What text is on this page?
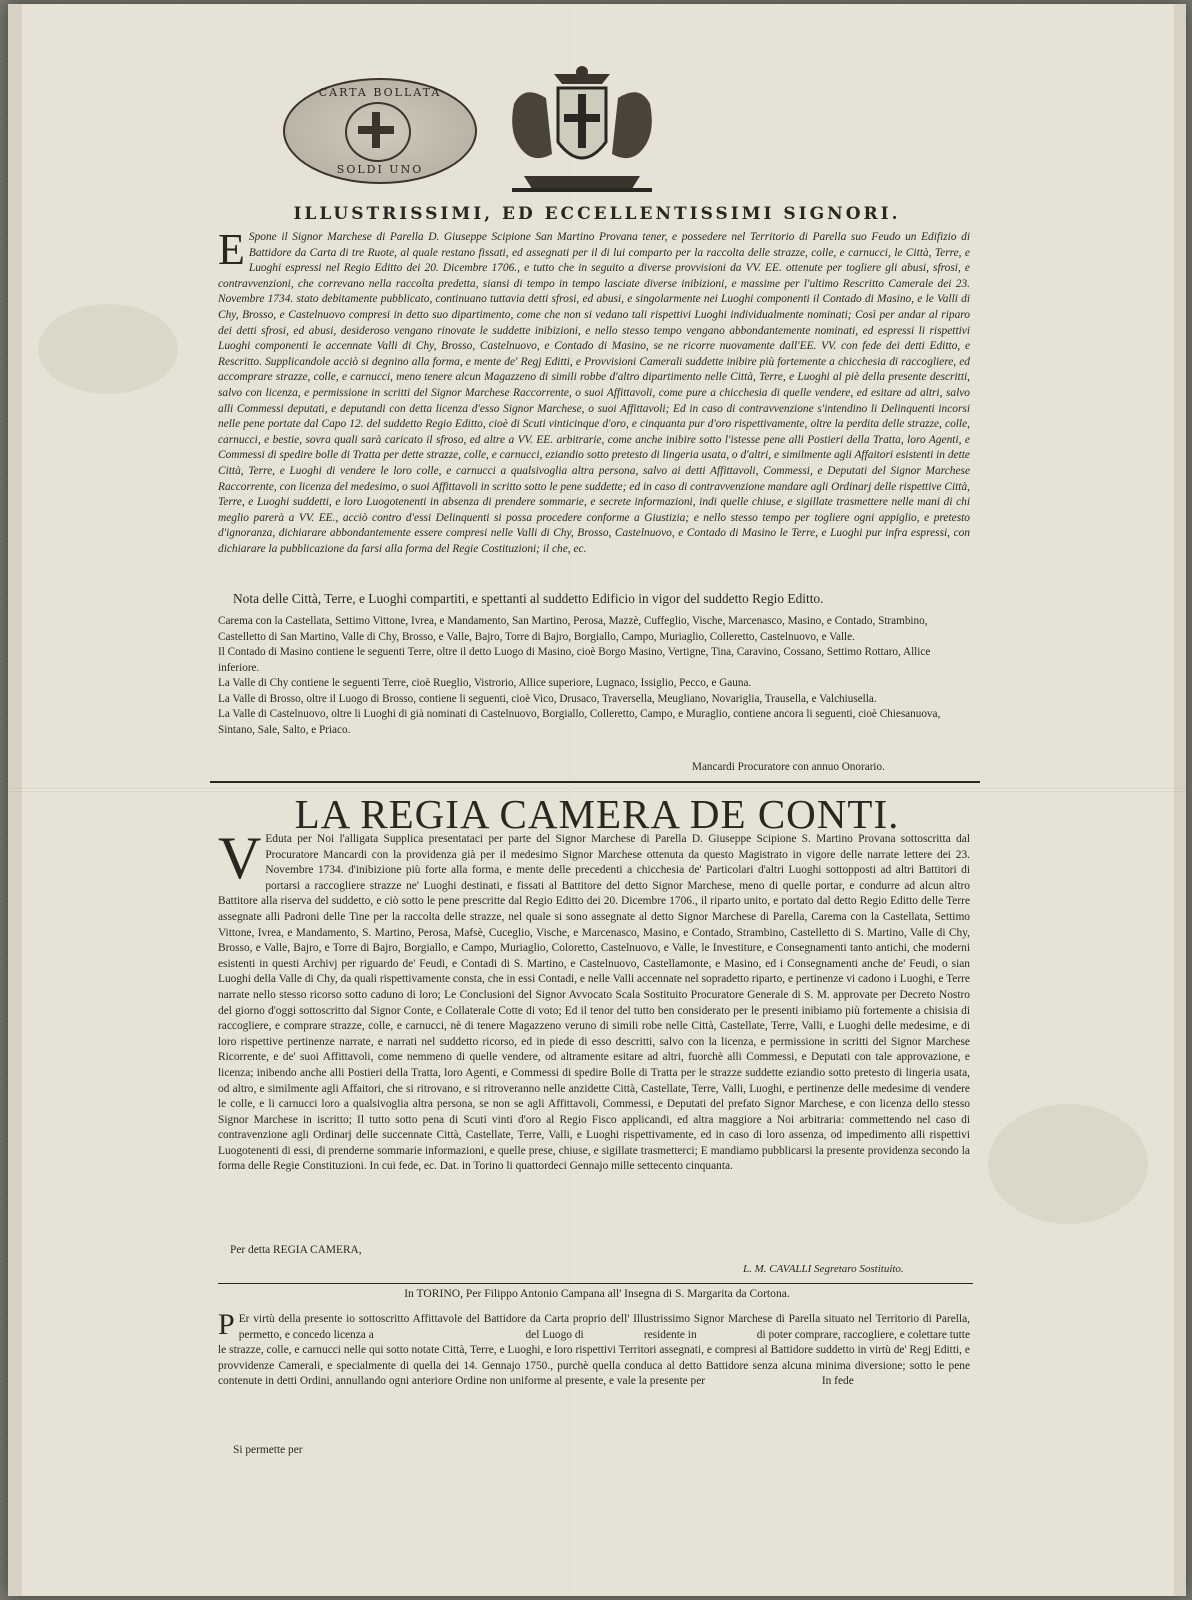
CARTA BOLLATA
SOLDI UNO
ILLUSTRISSIMI, ED ECCELLENTISSIMI SIGNORI.
E Spone il Signor Marchese di Parella D. Giuseppe Scipione San Martino Provana tener, e possedere nel Territorio di Parella suo Feudo un Edifizio di Battidore da Carta di tre Ruote, al quale restano fissati, ed assegnati per il di lui comparto per la raccolta delle strazze, colle, e carnucci, le Città, Terre, e Luoghi espressi nel Regio Editto dei 20. Dicembre 1706., e tutto che in seguito a diverse provvisioni da VV. EE. ottenute per togliere gli abusi, sfrosi, e contravvenzioni, che correvano nella raccolta predetta, siansi di tempo in tempo lasciate diverse inibizioni, e massime per l'ultimo Rescritto Camerale dei 23. Novembre 1734. stato debitamente pubblicato, continuano tuttavia detti sfrosi, ed abusi, e singolarmente nei Luoghi componenti il Contado di Masino, e le Valli di Chy, Brosso, e Castelnuovo compresi in detto suo dipartimento, come che non si vedano tali rispettivi Luoghi individualmente nominati; Così per andar al riparo dei detti sfrosi, ed abusi, desideroso vengano rinovate le suddette inibizioni, e nello stesso tempo vengano abbondantemente nominati, ed espressi li rispettivi Luoghi componenti le accennate Valli di Chy, Brosso, Castelnuovo, e Contado di Masino, se ne ricorre nuovamente dall'EE. VV. con fede dei detti Editto, e Rescritto. Supplicandole acciò si degnino alla forma, e mente de' Regj Editti, e Provvisioni Camerali suddette inibire più fortemente a chicchesia di raccogliere, ed accomprare strazze, colle, e carnucci, meno tenere alcun Magazzeno di simili robbe d'altro dipartimento nelle Città, Terre, e Luoghi al piè della presente descritti, salvo con licenza, e permissione in scritti del Signor Marchese Raccorrente, o suoi Affittavoli, come pure a chicchesia di quelle vendere, ed esitare ad altri, salvo alli Commessi deputati, e deputandi con detta licenza d'esso Signor Marchese, o suoi Affittavoli; Ed in caso di contravvenzione s'intendino li Delinquenti incorsi nelle pene portate dal Capo 12. del suddetto Regio Editto, cioè di Scuti vinticinque d'oro, e cinquanta pur d'oro rispettivamente, oltre la perdita delle strazze, colle, carnucci, e bestie, sovra quali sarà caricato il sfroso, ed altre a VV. EE. arbitrarie, come anche inibire sotto l'istesse pene alli Postieri della Tratta, loro Agenti, e Commessi di spedire bolle di Tratta per dette strazze, colle, e carnucci, eziandio sotto pretesto di lingeria usata, o d'altri, e similmente agli Affaitori esistenti in dette Città, Terre, e Luoghi di vendere le loro colle, e carnucci a qualsivoglia altra persona, salvo ai detti Affittavoli, Commessi, e Deputati del Signor Marchese Raccorrente, con licenza del medesimo, o suoi Affittavoli in scritto sotto le pene suddette; ed in caso di contravvenzione mandare agli Ordinarj delle rispettive Città, Terre, e Luoghi suddetti, e loro Luogotenenti in absenza di prendere sommarie, e secrete informazioni, indi quelle chiuse, e sigillate trasmettere nelle mani di chi meglio parerà a VV. EE., acciò contro d'essi Delinquenti si possa procedere conforme a Giustizia; e nello stesso tempo per togliere ogni appiglio, e pretesto d'ignoranza, dichiarare abbondantemente essere compresi nelle Valli di Chy, Brosso, Castelnuovo, e Contado di Masino le Terre, e Luoghi pur infra espressi, con dichiarare la pubblicazione da farsi alla forma del Regie Costituzioni; il che, ec.
Nota delle Città, Terre, e Luoghi compartiti, e spettanti al suddetto Edificio in vigor del suddetto Regio Editto.

Carema con la Castellata, Settimo Vittone, Ivrea, e Mandamento, San Martino, Perosa, Mazzè, Cuffeglio, Vische, Marcenasco, Masino, e Contado, Strambino, Castelletto di San Martino, Valle di Chy, Brosso, e Valle, Bajro, Torre di Bajro, Borgiallo, Campo, Muriaglio, Colleretto, Castelnuovo, e Valle.

Il Contado di Masino contiene le seguenti Terre, oltre il detto Luogo di Masino, cioè Borgo Masino, Vertigne, Tina, Caravino, Cossano, Settimo Rottaro, Allice inferiore.

La Valle di Chy contiene le seguenti Terre, cioè Rueglio, Vistrorio, Allice superiore, Lugnaco, Issiglio, Pecco, e Gauna.

La Valle di Brosso, oltre il Luogo di Brosso, contiene li seguenti, cioè Vico, Drusaco, Traversella, Meugliano, Novariglia, Trausella, e Valchiusella.

La Valle di Castelnuovo, oltre li Luoghi di già nominati di Castelnuovo, Borgiallo, Colleretto, Campo, e Muraglio, contiene ancora li seguenti, cioè Chiesanuova, Sintano, Sale, Salto, e Priaco.

Mancardi Procuratore con annuo Onorario.
LA REGIA CAMERA DE CONTI.
V Eduta per Noi l'alligata Supplica presentataci per parte del Signor Marchese di Parella D. Giuseppe Scipione S. Martino Provana sottoscritta dal Procuratore Mancardi con la providenza già per il medesimo Signor Marchese ottenuta da questo Magistrato in vigore delle narrate lettere dei 23. Novembre 1734. d'inibizione più forte alla forma, e mente delle precedenti a chicchesia de' Particolari d'altri Luoghi sottopposti ad altri Battitori di portarsi a raccogliere strazze ne' Luoghi destinati, e fissati al Battitore del detto Signor Marchese, meno di quelle portar, e condurre ad alcun altro Battitore alla riserva del suddetto, e ciò sotto le pene prescritte dal Regio Editto dei 20. Dicembre 1706., il riparto unito, e portato dal detto Regio Editto delle Terre assegnate alli Padroni delle Tine per la raccolta delle strazze, nel quale si sono assegnate al detto Signor Marchese di Parella, Carema con la Castellata, Settimo Vittone, Ivrea, e Mandamento, S. Martino, Perosa, Mafsè, Cuceglio, Vische, e Marcenasco, Masino, e Contado, Strambino, Castelletto di S. Martino, Valle di Chy, Brosso, e Valle, Bajro, e Torre di Bajro, Borgiallo, e Campo, Muriaglio, Coloretto, Castelnuovo, e Valle, le Investiture, e Consegnamenti tanto antichi, che moderni esistenti in questi Archivj per riguardo de' Feudi, e Contadi di S. Martino, e Castelnuovo, Castellamonte, e Masino, ed i Consegnamenti anche de' Feudi, o sian Luoghi della Valle di Chy, da quali rispettivamente consta, che in essi Contadi, e nelle Valli accennate nel sopradetto riparto, e pertinenze vi cadono i Luoghi, e Terre narrate nello stesso ricorso sotto caduno di loro; Le Conclusioni del Signor Avvocato Scala Sostituito Procuratore Generale di S. M. approvate per Decreto Nostro del giorno d'oggi sottoscritto dal Signor Conte, e Collaterale Cotte di voto; Ed il tenor del tutto ben considerato per le presenti inibiamo più fortemente a chisisia di raccogliere, e comprare strazze, colle, e carnucci, nè di tenere Magazzeno veruno di simili robe nelle Città, Castellate, Terre, Valli, e Luoghi delle medesime, e di loro rispettive pertinenze narrate, e narrati nel suddetto ricorso, ed in piede di esso descritti, salvo con la licenza, e permissione in scritti del Signor Marchese Ricorrente, e de' suoi Affittavoli, come nemmeno di quelle vendere, od altramente esitare ad altri, fuorchè alli Commessi, e Deputati con tale approvazione, e licenza; inibendo anche alli Postieri della Tratta, loro Agenti, e Commessi di spedire Bolle di Tratta per le strazze suddette eziandio sotto pretesto di lingeria usata, od altro, e similmente agli Affaitori, che si ritrovano, e si ritroveranno nelle anzidette Città, Castellate, Terre, Valli, Luoghi, e pertinenze delle medesime di vendere le colle, e li carnucci loro a qualsivoglia altra persona, se non se agli Affittavoli, Commessi, e Deputati del prefato Signor Marchese, e con licenza dello stesso Signor Marchese in iscritto; Il tutto sotto pena di Scuti vinti d'oro al Regio Fisco applicandi, ed altra maggiore a Noi arbitraria: commettendo nel caso di contravenzione agli Ordinarj delle succennate Città, Castellate, Terre, Valli, e Luoghi rispettivamente, ed in caso di loro assenza, od impedimento alli rispettivi Luogotenenti di essi, di prenderne sommarie informazioni, e quelle prese, chiuse, e sigillate trasmetterci; E mandiamo pubblicarsi la presente providenza secondo la forma delle Regie Constituzioni. In cui fede, ec. Dat. in Torino li quattordeci Gennajo mille settecento cinquanta.
Per detta REGIA CAMERA,
L. M. CAVALLI Segretaro Sostituito.
In TORINO, Per Filippo Antonio Campana all' Insegna di S. Margarita da Cortona.
P Er virtù della presente io sottoscritto Affittavole del Battidore da Carta proprio dell' Illustrissimo Signor Marchese di Parella situato nel Territorio di Parella, permetto, e concedo licenza a                                                     del Luogo di                     residente in                     di poter comprare, raccogliere, e colettare tutte le strazze, colle, e carnucci nelle qui sotto notate Città, Terre, e Luoghi, e loro rispettivi Territori assegnati, e compresi al Battidore suddetto in virtù de' Regj Editti, e provvidenze Camerali, e specialmente di quella dei 14. Gennajo 1750., purchè quella conduca al detto Battidore senza alcuna minima diversione; sotto le pene contenute in detti Ordini, annullando ogni anteriore Ordine non uniforme al presente, e vale la presente per                                         In fede
Si permette per
